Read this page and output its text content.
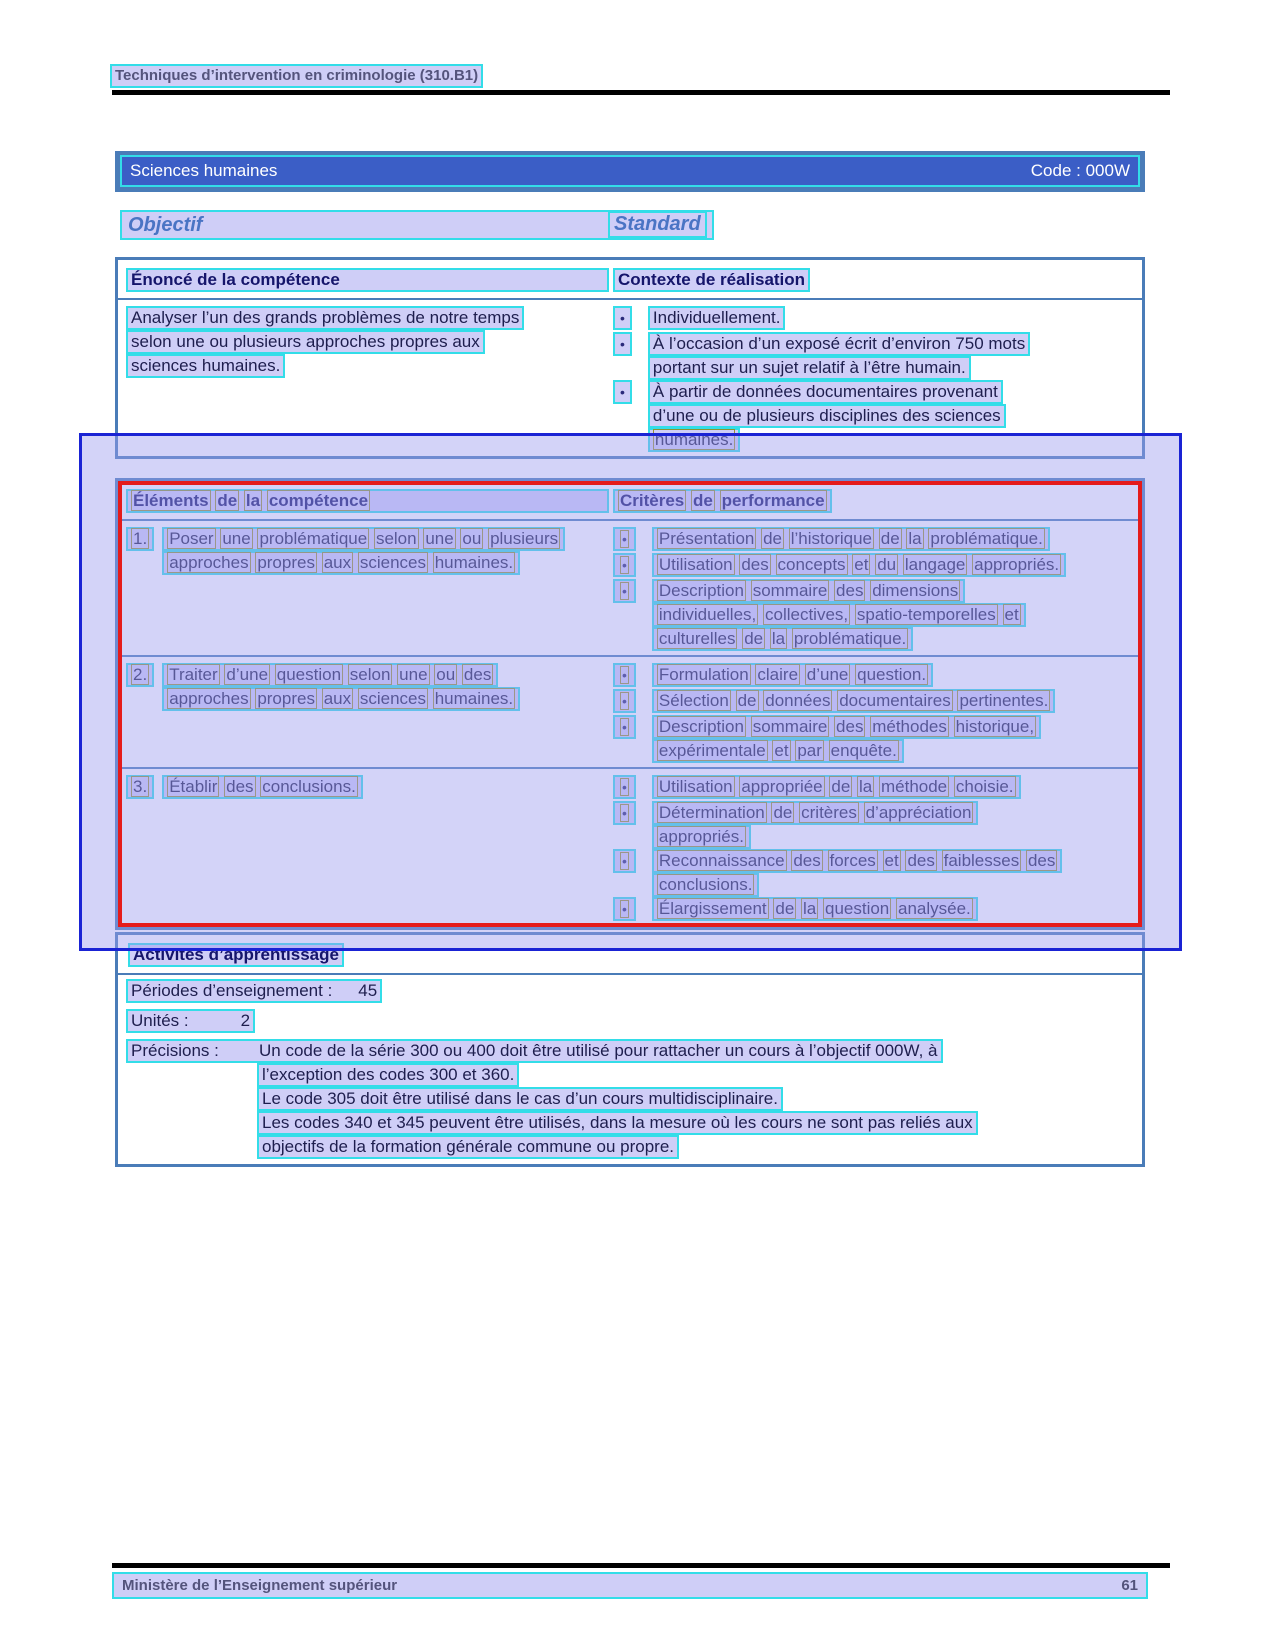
Techniques d’intervention en criminologie (310.B1)
Sciences humaines	Code : 000W
Objectif	Standard
Énoncé de la compétence	Contexte de réalisation
Analyser l’un des grands problèmes de notre temps
selon une ou plusieurs approches propres aux
sciences humaines.
•	Individuellement.
•	À l’occasion d’un exposé écrit d’environ 750 mots
portant sur un sujet relatif à l’être humain.
•	À partir de données documentaires provenant
d’une ou de plusieurs disciplines des sciences
humaines.
Éléments de la compétence	Critères de performance
1.	Poser une problématique selon une ou plusieurs
approches propres aux sciences humaines.
•	Présentation de l’historique de la problématique.
•	Utilisation des concepts et du langage appropriés.
•	Description sommaire des dimensions
individuelles, collectives, spatio-temporelles et
culturelles de la problématique.
2.	Traiter d’une question selon une ou des
approches propres aux sciences humaines.
•	Formulation claire d’une question.
•	Sélection de données documentaires pertinentes.
•	Description sommaire des méthodes historique,
expérimentale et par enquête.
3.	Établir des conclusions.	•	Utilisation appropriée de la méthode choisie.
•	Détermination de critères d’appréciation
appropriés.
•	Reconnaissance des forces et des faiblesses des
conclusions.
•	Élargissement de la question analysée.
Activités d’apprentissage
Périodes d’enseignement : 45
Unités :	2
Précisions : Un code de la série 300 ou 400 doit être utilisé pour rattacher un cours à l’objectif 000W, à
l’exception des codes 300 et 360.
Le code 305 doit être utilisé dans le cas d’un cours multidisciplinaire.
Les codes 340 et 345 peuvent être utilisés, dans la mesure où les cours ne sont pas reliés aux
objectifs de la formation générale commune ou propre.
Ministère de l’Enseignement supérieur	61
